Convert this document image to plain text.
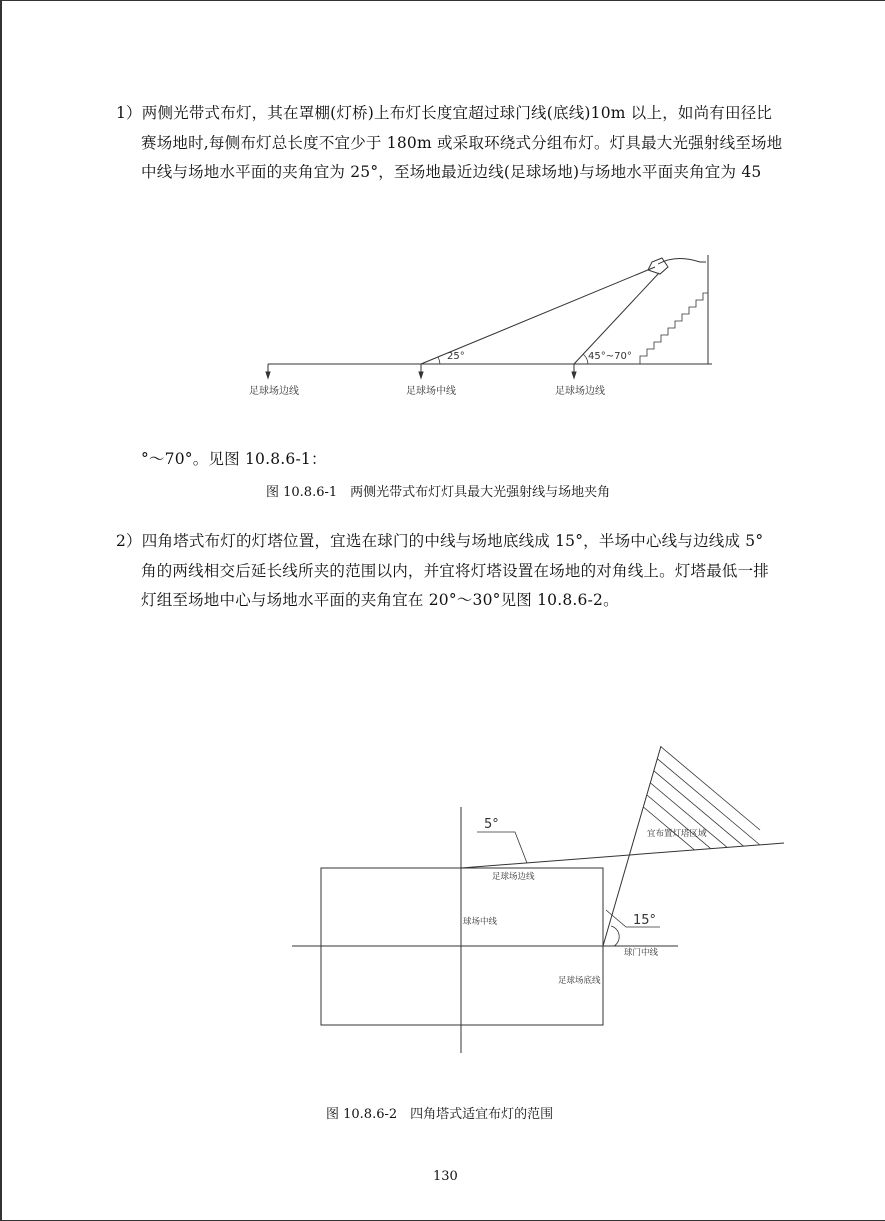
1）两侧光带式布灯，其在罩棚(灯桥)上布灯长度宜超过球门线(底线)10m 以上，如尚有田径比
赛场地时,每侧布灯总长度不宜少于 180m 或采取环绕式分组布灯。灯具最大光强射线至场地
中线与场地水平面的夹角宜为 25°，至场地最近边线(足球场地)与场地水平面夹角宜为 45
25°	45°~70°
足球场边线	足球场中线	足球场边线
°～70°。见图 10.8.6-1：
图 10.8.6-1　两侧光带式布灯灯具最大光强射线与场地夹角
2）四角塔式布灯的灯塔位置，宜选在球门的中线与场地底线成 15°，半场中心线与边线成 5°
角的两线相交后延长线所夹的范围以内，并宜将灯塔设置在场地的对角线上。灯塔最低一排
灯组至场地中心与场地水平面的夹角宜在 20°～30°见图 10.8.6-2。
5°
15°
宜布置灯塔区域
足球场边线
球场中线
球门中线
足球场底线
图 10.8.6-2　四角塔式适宜布灯的范围
130
